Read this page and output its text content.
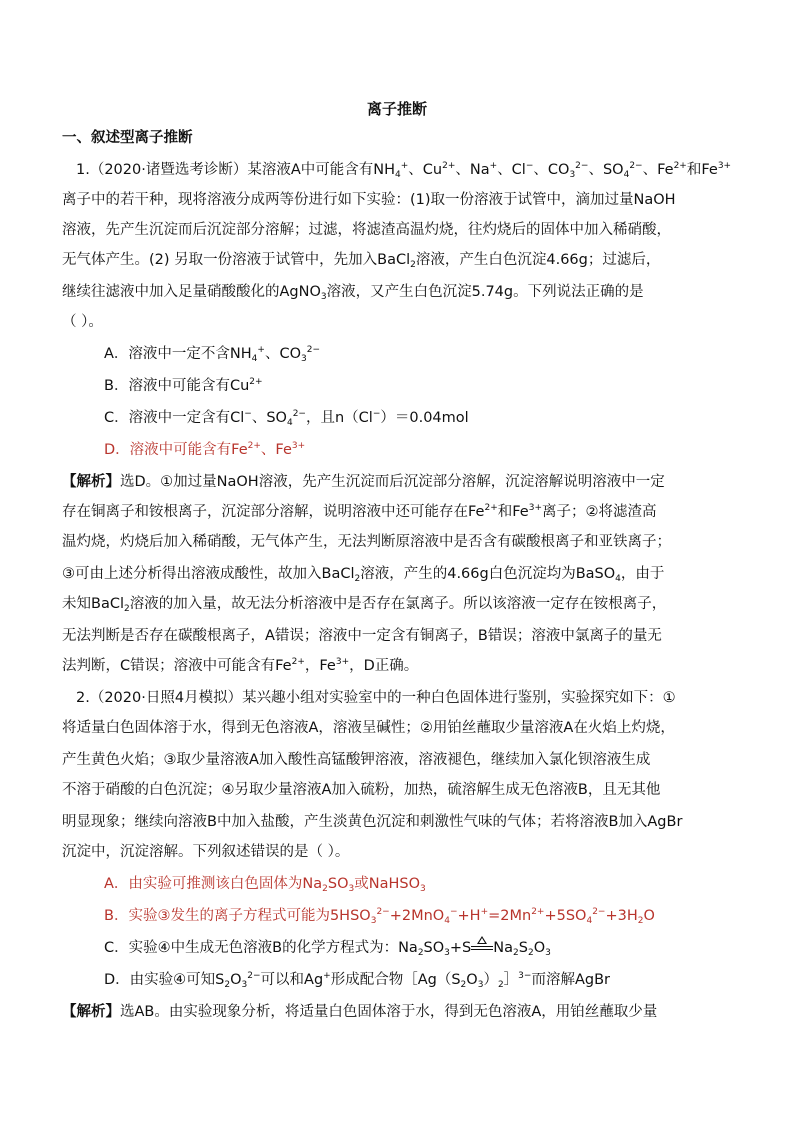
离子推断
一、叙述型离子推断
1.（2020·诸暨选考诊断）某溶液A中可能含有$NH_4^+$、$Cu^{2+}$、Na+、Cl−、$CO_3^{2-}$、$SO_4^{2-}$、$Fe^{2+}$和$Fe^{3+}$
离子中的若干种，现将溶液分成两等份进行如下实验：(1)取一份溶液于试管中，滴加过量NaOH
溶液，先产生沉淀而后沉淀部分溶解；过滤，将滤渣高温灼烧，往灼烧后的固体中加入稀硝酸，
无气体产生。(2) 另取一份溶液于试管中，先加入BaCl$_2$溶液，产生白色沉淀4.66g；过滤后，
继续往滤液中加入足量硝酸酸化的AgNO$_3$溶液，又产生白色沉淀5.74g。下列说法正确的是
（ ）。
A．溶液中一定不含$NH_4^+$、$CO_3^{2-}$
B．溶液中可能含有$Cu^{2+}$
C．溶液中一定含有Cl−、$SO_4^{2-}$，且n（Cl−）＝0.04mol
D．溶液中可能含有$Fe^{2+}$、$Fe^{3+}$
【解析】选D。①加过量NaOH溶液，先产生沉淀而后沉淀部分溶解，沉淀溶解说明溶液中一定
存在铜离子和铵根离子，沉淀部分溶解，说明溶液中还可能存在$Fe^{2+}$和$Fe^{3+}$离子；②将滤渣高
温灼烧，灼烧后加入稀硝酸，无气体产生，无法判断原溶液中是否含有碳酸根离子和亚铁离子；
③可由上述分析得出溶液成酸性，故加入BaCl$_2$溶液，产生的4.66g白色沉淀均为BaSO$_4$，由于
未知BaCl$_2$溶液的加入量，故无法分析溶液中是否存在氯离子。所以该溶液一定存在铵根离子，
无法判断是否存在碳酸根离子，A错误；溶液中一定含有铜离子，B错误；溶液中氯离子的量无
法判断，C错误；溶液中可能含有$Fe^{2+}$，$Fe^{3+}$，D正确。
2.（2020·日照4月模拟）某兴趣小组对实验室中的一种白色固体进行鉴别，实验探究如下：①
将适量白色固体溶于水，得到无色溶液A，溶液呈碱性；②用铂丝蘸取少量溶液A在火焰上灼烧，
产生黄色火焰；③取少量溶液A加入酸性高锰酸钾溶液，溶液褪色，继续加入氯化钡溶液生成
不溶于硝酸的白色沉淀；④另取少量溶液A加入硫粉，加热，硫溶解生成无色溶液B，且无其他
明显现象；继续向溶液B中加入盐酸，产生淡黄色沉淀和刺激性气味的气体；若将溶液B加入AgBr
沉淀中，沉淀溶解。下列叙述错误的是（ ）。
A．由实验可推测该白色固体为$Na_2SO_3$或NaHSO$_3$
B．实验③发生的离子方程式可能为$5HSO_3^{2-}+2MnO_4^-+H^+=2Mn^{2+}+5SO_4^{2-}+3H_2O$
C．实验④中生成无色溶液B的化学方程式为：$Na_2SO_3+S$ $Na_2S_2O_3$
D．由实验④可知$S_2O_3^{2-}$可以和Ag+形成配合物$[Ag(S_2O_3)_2]^{3-}$而溶解AgBr
【解析】选AB。由实验现象分析，将适量白色固体溶于水，得到无色溶液A，用铂丝蘸取少量
